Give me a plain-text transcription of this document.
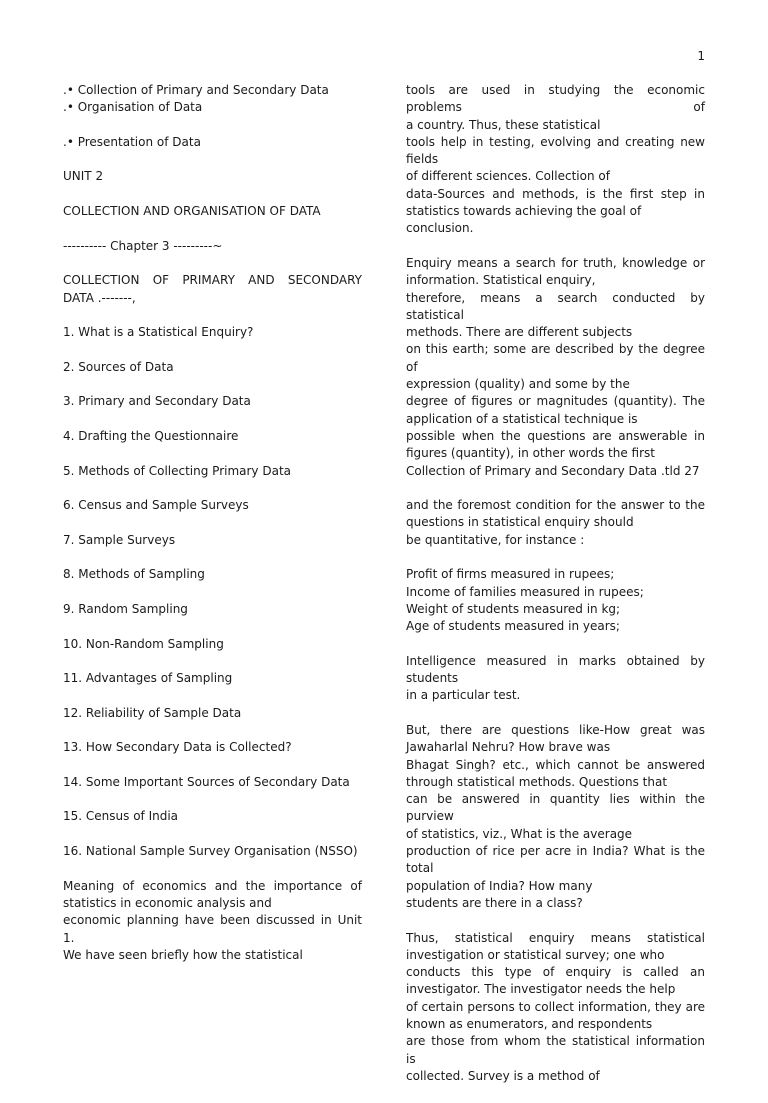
1
.• Collection of Primary and Secondary Data
.• Organisation of Data
.• Presentation of Data
UNIT 2
COLLECTION AND ORGANISATION OF DATA
---------- Chapter 3 ---------~
COLLECTION OF PRIMARY AND SECONDARY
DATA .-------,
1. What is a Statistical Enquiry?
2. Sources of Data
3. Primary and Secondary Data
4. Drafting the Questionnaire
5. Methods of Collecting Primary Data
6. Census and Sample Surveys
7. Sample Surveys
8. Methods of Sampling
9. Random Sampling
10. Non-Random Sampling
11. Advantages of Sampling
12. Reliability of Sample Data
13. How Secondary Data is Collected?
14. Some Important Sources of Secondary Data
15. Census of India
16. National Sample Survey Organisation (NSSO)
Meaning of economics and the importance of
statistics in economic analysis and
economic planning have been discussed in Unit 1.
We have seen briefly how the statistical
tools are used in studying the economic problems of
a country. Thus, these statistical
tools help in testing, evolving and creating new fields
of different sciences. Collection of
data-Sources and methods, is the first step in
statistics towards achieving the goal of
conclusion.
Enquiry means a search for truth, knowledge or
information. Statistical enquiry,
therefore, means a search conducted by statistical
methods. There are different subjects
on this earth; some are described by the degree of
expression (quality) and some by the
degree of figures or magnitudes (quantity). The
application of a statistical technique is
possible when the questions are answerable in
figures (quantity), in other words the first
Collection of Primary and Secondary Data .tld 27
and the foremost condition for the answer to the
questions in statistical enquiry should
be quantitative, for instance :
Profit of firms measured in rupees;
Income of families measured in rupees;
Weight of students measured in kg;
Age of students measured in years;
Intelligence measured in marks obtained by students
in a particular test.
But, there are questions like-How great was
Jawaharlal Nehru? How brave was
Bhagat Singh? etc., which cannot be answered
through statistical methods. Questions that
can be answered in quantity lies within the purview
of statistics, viz., What is the average
production of rice per acre in India? What is the total
population of India? How many
students are there in a class?
Thus, statistical enquiry means statistical
investigation or statistical survey; one who
conducts this type of enquiry is called an
investigator. The investigator needs the help
of certain persons to collect information, they are
known as enumerators, and respondents
are those from whom the statistical information is
collected. Survey is a method of
